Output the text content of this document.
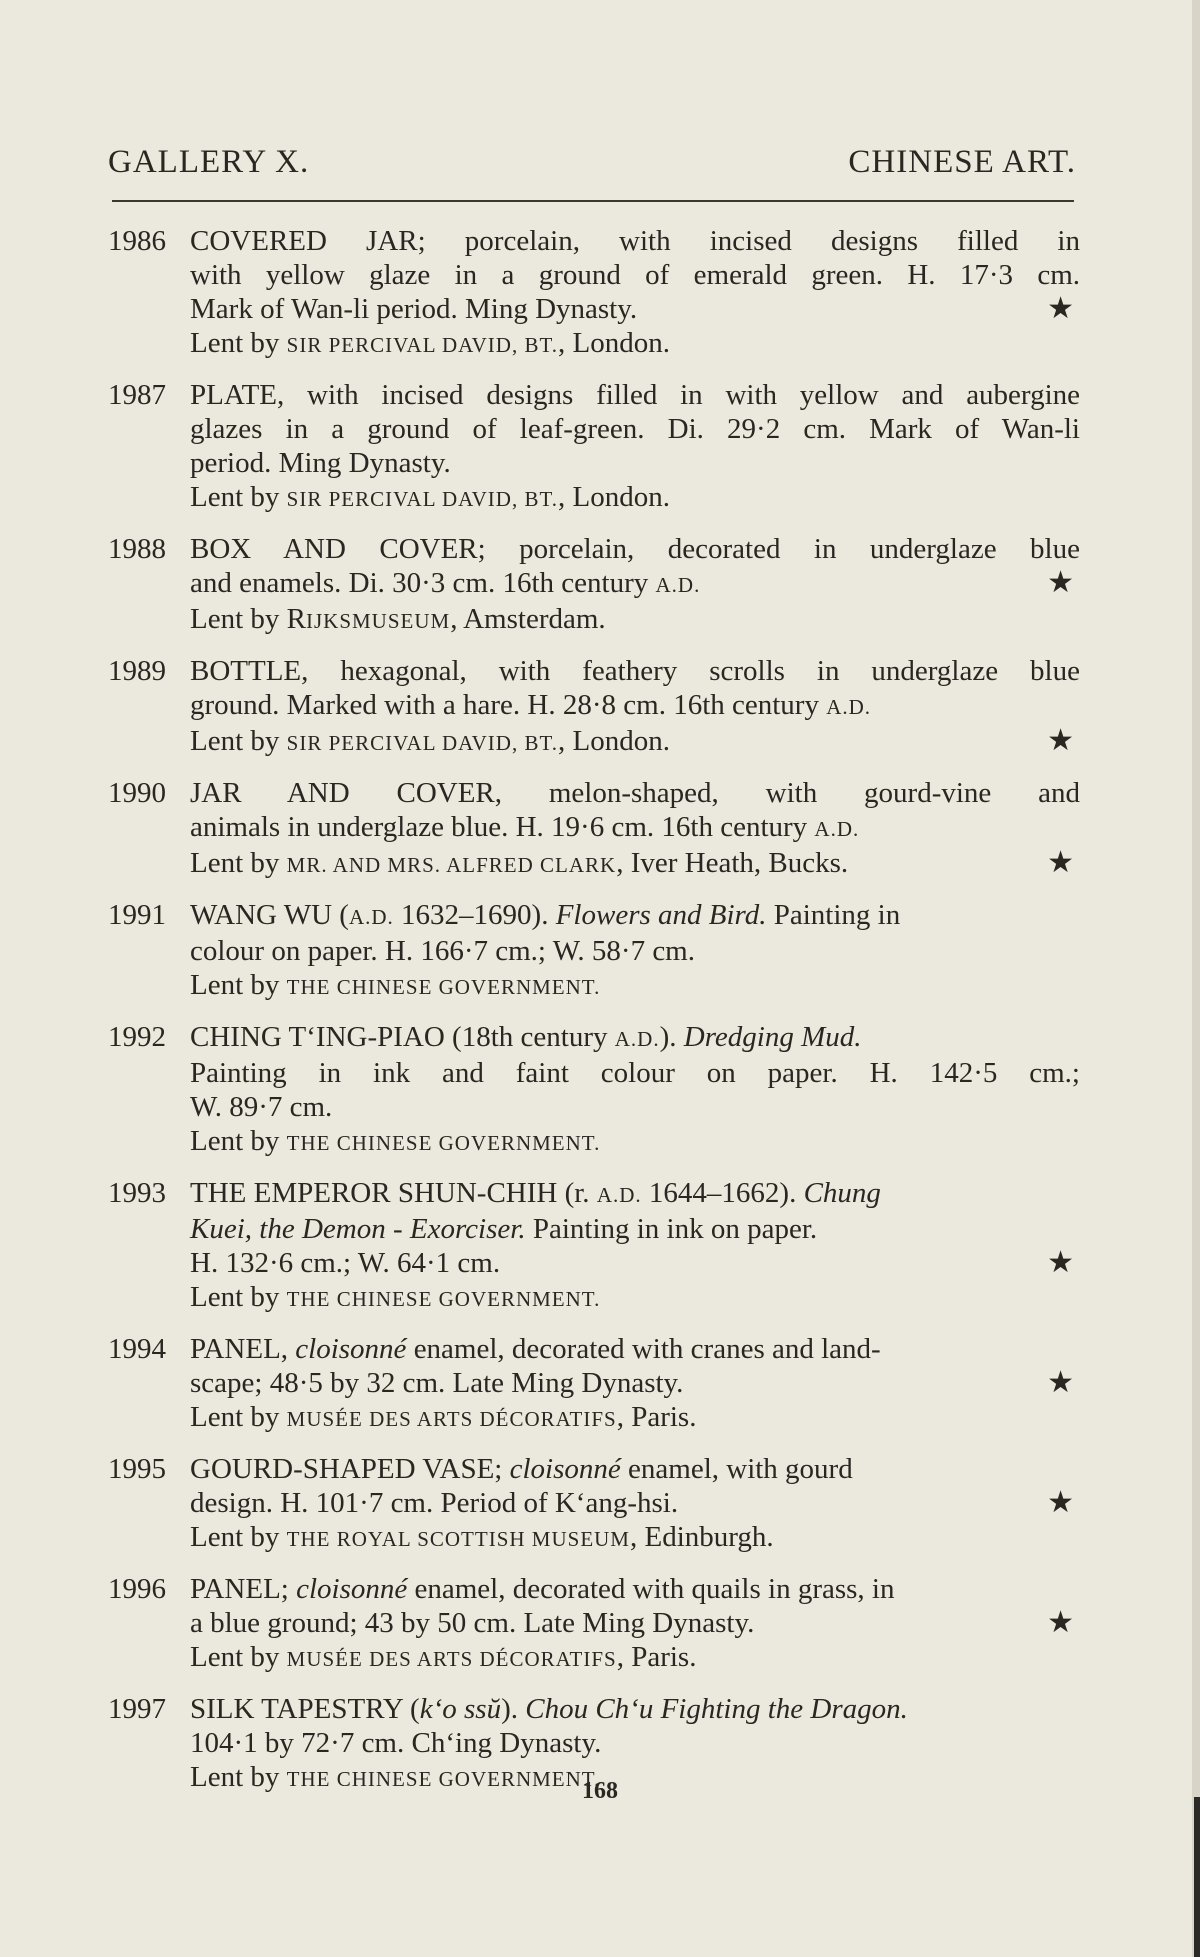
GALLERY X.	CHINESE ART.
1986 COVERED JAR; porcelain, with incised designs filled in
with yellow glaze in a ground of emerald green. H. 17·3 cm.
Mark of Wan-li period. Ming Dynasty.	★
Lent by SIR PERCIVAL DAVID, BT., London.
1987 PLATE, with incised designs filled in with yellow and aubergine
glazes in a ground of leaf-green. Di. 29·2 cm. Mark of Wan-li
period. Ming Dynasty.
Lent by SIR PERCIVAL DAVID, BT., London.
1988 BOX AND COVER; porcelain, decorated in underglaze blue
and enamels. Di. 30·3 cm. 16th century A.D.	★
Lent by RIJKSMUSEUM, Amsterdam.
1989 BOTTLE, hexagonal, with feathery scrolls in underglaze blue
ground. Marked with a hare. H. 28·8 cm. 16th century A.D.
Lent by SIR PERCIVAL DAVID, BT., London.	★
1990 JAR AND COVER, melon-shaped, with gourd-vine and
animals in underglaze blue. H. 19·6 cm. 16th century A.D.
Lent by MR. AND MRS. ALFRED CLARK, Iver Heath, Bucks.	★
1991 WANG WU (A.D. 1632–1690). Flowers and Bird. Painting in
colour on paper. H. 166·7 cm.; W. 58·7 cm.
Lent by THE CHINESE GOVERNMENT.
1992 CHING T‘ING-PIAO (18th century A.D.). Dredging Mud.
Painting in ink and faint colour on paper. H. 142·5 cm.;
W. 89·7 cm.
Lent by THE CHINESE GOVERNMENT.
1993 THE EMPEROR SHUN-CHIH (r. A.D. 1644–1662). Chung
Kuei, the Demon - Exorciser. Painting in ink on paper.
H. 132·6 cm.; W. 64·1 cm.	★
Lent by THE CHINESE GOVERNMENT.
1994 PANEL, cloisonné enamel, decorated with cranes and land-
scape; 48·5 by 32 cm. Late Ming Dynasty.	★
Lent by MUSÉE DES ARTS DÉCORATIFS, Paris.
1995 GOURD-SHAPED VASE; cloisonné enamel, with gourd
design. H. 101·7 cm. Period of K‘ang-hsi.	★
Lent by THE ROYAL SCOTTISH MUSEUM, Edinburgh.
1996 PANEL; cloisonné enamel, decorated with quails in grass, in
a blue ground; 43 by 50 cm. Late Ming Dynasty.	★
Lent by MUSÉE DES ARTS DÉCORATIFS, Paris.
1997 SILK TAPESTRY (k‘o ssŭ). Chou Ch‘u Fighting the Dragon.
104·1 by 72·7 cm. Ch‘ing Dynasty.
Lent by THE CHINESE GOVERNMENT.
168
